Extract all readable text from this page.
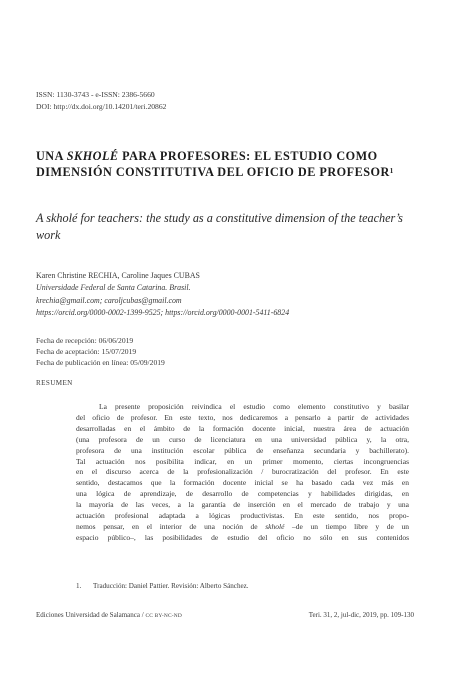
ISSN: 1130-3743 - e-ISSN: 2386-5660
DOI: http://dx.doi.org/10.14201/teri.20862
UNA SKHOLÉ PARA PROFESORES: EL ESTUDIO COMO DIMENSIÓN CONSTITUTIVA DEL OFICIO DE PROFESOR$^1$
A skholé for teachers: the study as a constitutive dimension of the teacher’s work
Karen Christine RECHIA, Caroline Jaques CUBAS
Universidade Federal de Santa Catarina. Brasil.
krechia@gmail.com; caroljcubas@gmail.com
https://orcid.org/0000-0002-1399-9525; https://orcid.org/0000-0001-5411-6824
Fecha de recepción: 06/06/2019
Fecha de aceptación: 15/07/2019
Fecha de publicación en línea: 05/09/2019
RESUMEN
La presente proposición reivindica el estudio como elemento constitutivo y basilar
del oficio de profesor. En este texto, nos dedicaremos a pensarlo a partir de actividades
desarrolladas en el ámbito de la formación docente inicial, nuestra área de actuación
(una profesora de un curso de licenciatura en una universidad pública y, la otra,
profesora de una institución escolar pública de enseñanza secundaria y bachillerato).
Tal actuación nos posibilita indicar, en un primer momento, ciertas incongruencias
en el discurso acerca de la profesionalización / burocratización del profesor. En este
sentido, destacamos que la formación docente inicial se ha basado cada vez más en
una lógica de aprendizaje, de desarrollo de competencias y habilidades dirigidas, en
la mayoría de las veces, a la garantía de inserción en el mercado de trabajo y una
actuación profesional adaptada a lógicas productivistas. En este sentido, nos propo-
nemos pensar, en el interior de una noción de skholé –de un tiempo libre y de un
espacio público–, las posibilidades de estudio del oficio no sólo en sus contenidos
1. Traducción: Daniel Pattier. Revisión: Alberto Sánchez.
Ediciones Universidad de Salamanca / CC BY-NC-ND	Teri. 31, 2, jul-dic, 2019, pp. 109-130
